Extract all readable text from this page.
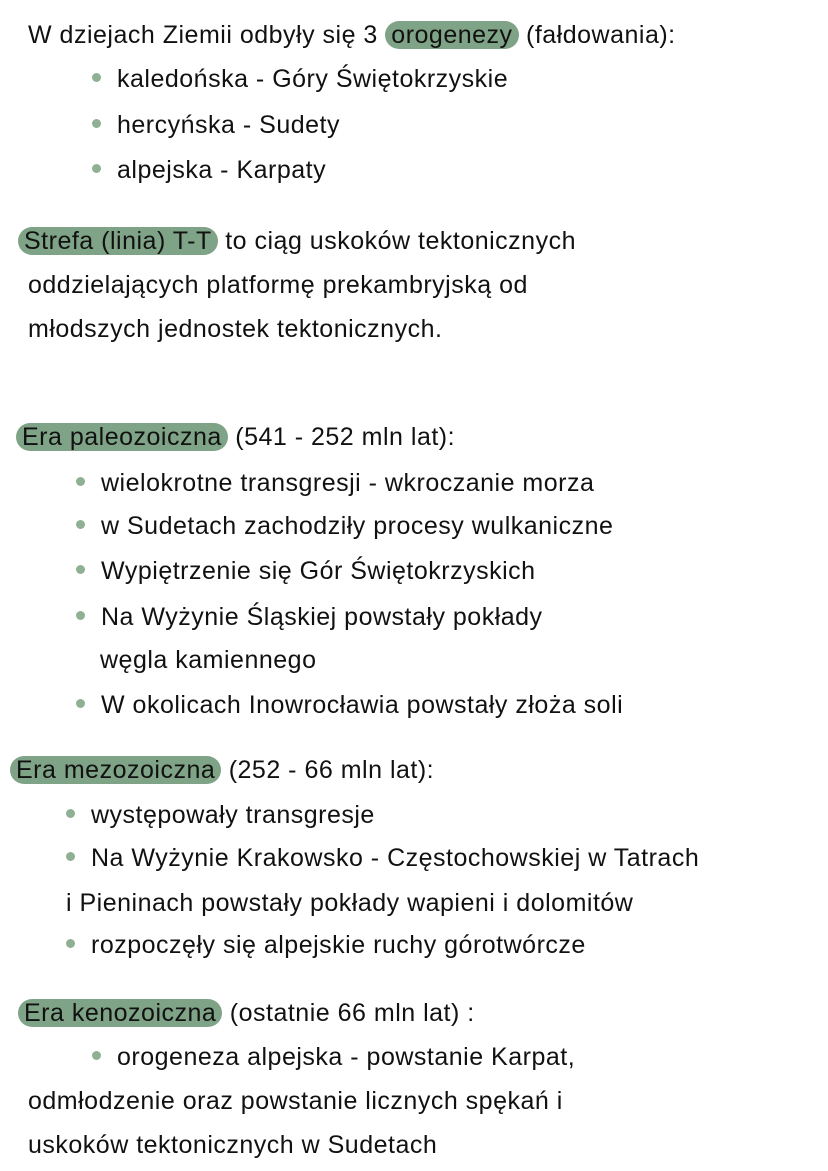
W dziejach Ziemii odbyły się 3 orogenezy (fałdowania):
kaledońska - Góry Świętokrzyskie
hercyńska - Sudety
alpejska - Karpaty
Strefa (linia) T-T to ciąg uskoków tektonicznych
oddzielających platformę prekambryjską od
młodszych jednostek tektonicznych.
Era paleozoiczna (541 - 252 mln lat):
wielokrotne transgresji - wkroczanie morza
w Sudetach zachodziły procesy wulkaniczne
Wypiętrzenie się Gór Świętokrzyskich
Na Wyżynie Śląskiej powstały pokłady
węgla kamiennego
W okolicach Inowrocławia powstały złoża soli
Era mezozoiczna (252 - 66 mln lat):
występowały transgresje
Na Wyżynie Krakowsko - Częstochowskiej w Tatrach
i Pieninach powstały pokłady wapieni i dolomitów
rozpoczęły się alpejskie ruchy górotwórcze
Era kenozoiczna (ostatnie 66 mln lat) :
orogeneza alpejska - powstanie Karpat,
odmłodzenie oraz powstanie licznych spękań i
uskoków tektonicznych w Sudetach
